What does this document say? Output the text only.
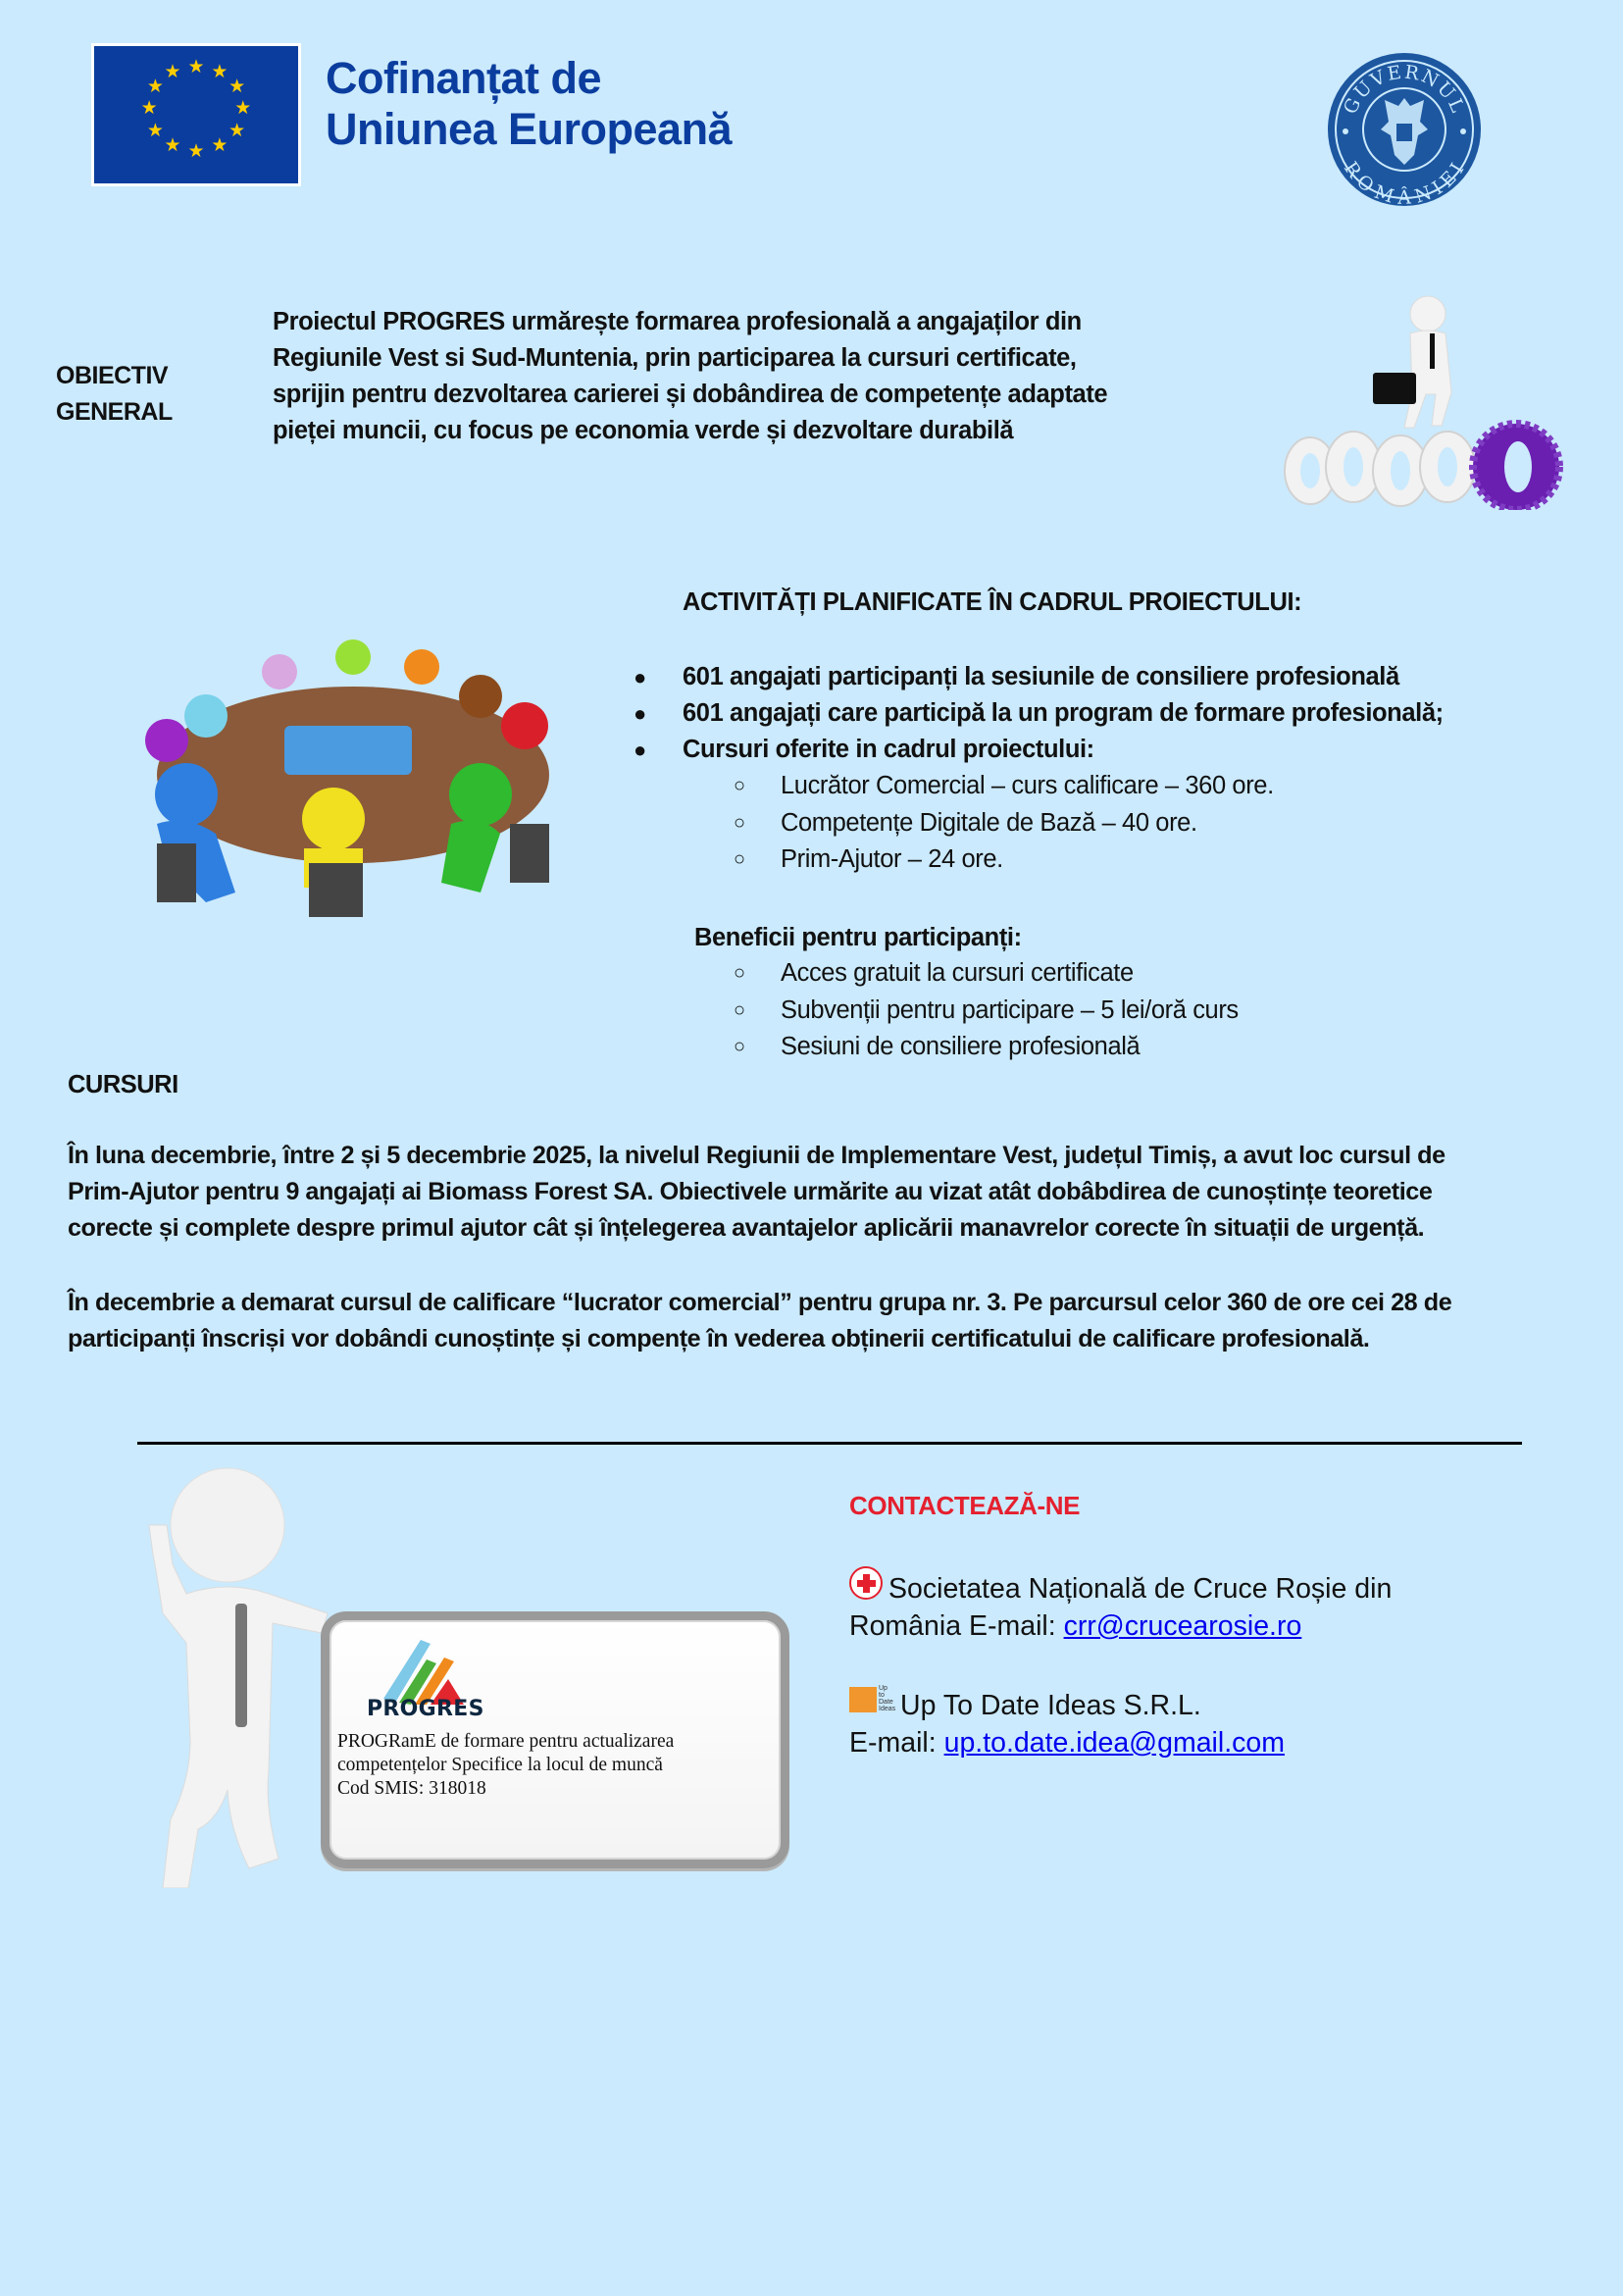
★ ★
★
★
★
★
★
★
★
★
★
★	Cofinanțat de
Uniunea Europeană	GUVERNUL
ROMÂNIEI
OBIECTIV
GENERAL
Proiectul PROGRES urmărește formarea profesională a angajaților din
Regiunile Vest si Sud-Muntenia, prin participarea la cursuri certificate,
sprijin pentru dezvoltarea carierei și dobândirea de competențe adaptate
pieței muncii, cu focus pe economia verde și dezvoltare durabilă
ACTIVITĂȚI PLANIFICATE ÎN CADRUL PROIECTULUI:
● 601 angajati participanți la sesiunile de consiliere profesională
● 601 angajați care participă la un program de formare profesională;
● Cursuri oferite in cadrul proiectului:
○ Lucrător Comercial – curs calificare – 360 ore.
○ Competențe Digitale de Bază – 40 ore.
○ Prim-Ajutor – 24 ore.
Beneficii pentru participanți:
○ Acces gratuit la cursuri certificate
○ Subvenții pentru participare – 5 lei/oră curs
○ Sesiuni de consiliere profesională
CURSURI
În luna decembrie, între 2 și 5 decembrie 2025, la nivelul Regiunii de Implementare Vest, județul Timiș, a avut loc cursul de
Prim-Ajutor pentru 9 angajați ai Biomass Forest SA. Obiectivele urmărite au vizat atât dobâbdirea de cunoștințe teoretice
corecte și complete despre primul ajutor cât și înțelegerea avantajelor aplicării manavrelor corecte în situații de urgență.
În decembrie a demarat cursul de calificare “lucrator comercial” pentru grupa nr. 3. Pe parcursul celor 360 de ore cei 28 de
participanți înscriși vor dobândi cunoștințe și compențe în vederea obținerii certificatului de calificare profesională.
PROGRES
PROGRamE de formare pentru actualizarea
competențelor Specifice la locul de muncă
Cod SMIS: 318018
CONTACTEAZĂ-NE
Societatea Națională de Cruce Roșie din
România E-mail: crr@crucearosie.ro
Up
to
Date
Ideas Up To Date Ideas S.R.L.
E-mail: up.to.date.idea@gmail.com
